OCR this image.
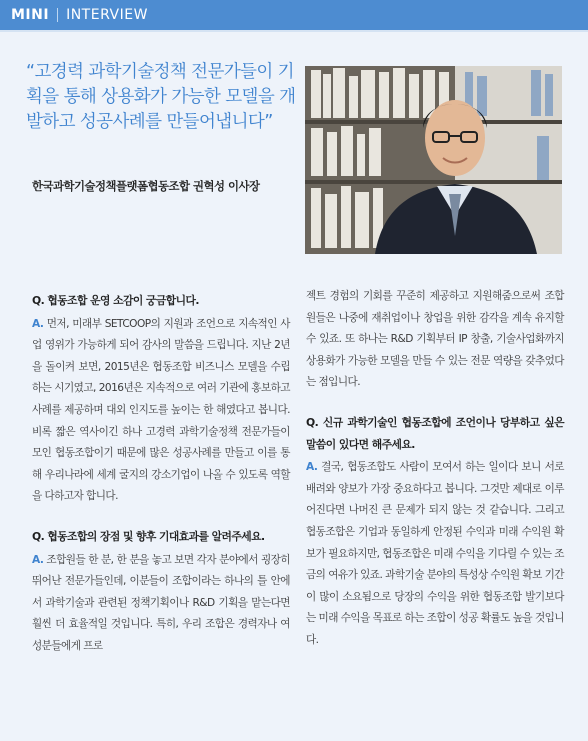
MINI INTERVIEW

“고경력 과학기술정책 전문가들이 기획을 통해 상용화가 가능한 모델을 개발하고 성공사례를 만들어냅니다”

한국과학기술정책플랫폼협동조합 권혁성 이사장

Q. 협동조합 운영 소감이 궁금합니다.

A. 먼저, 미래부 SETCOOP의 지원과 조언으로 지속적인 사업 영위가 가능하게 되어 감사의 말씀을 드립니다. 지난 2년을 돌이켜 보면, 2015년은 협동조합 비즈니스 모델을 수립하는 시기였고, 2016년은 지속적으로 여러 기관에 홍보하고 사례를 제공하며 대외 인지도를 높이는 한 해였다고 봅니다. 비록 짧은 역사이긴 하나 고경력 과학기술정책 전문가들이 모인 협동조합이기 때문에 많은 성공사례를 만들고 이를 통해 우리나라에 세계 굴지의 강소기업이 나올 수 있도록 역할을 다하고자 합니다.

Q. 협동조합의 장점 및 향후 기대효과를 알려주세요.

A. 조합원들 한 분, 한 분을 놓고 보면 각자 분야에서 굉장히 뛰어난 전문가들인데, 이분들이 조합이라는 하나의 틀 안에서 과학기술과 관련된 정책기획이나 R&D 기획을 맡는다면 훨씬 더 효율적일 것입니다. 특히, 우리 조합은 경력자나 여성분들에게 프로

젝트 경험의 기회를 꾸준히 제공하고 지원해줌으로써 조합원들은 나중에 재취업이나 창업을 위한 감각을 계속 유지할 수 있죠. 또 하나는 R&D 기획부터 IP 창출, 기술사업화까지 상용화가 가능한 모델을 만들 수 있는 전문 역량을 갖추었다는 점입니다.

Q. 신규 과학기술인 협동조합에 조언이나 당부하고 싶은 말씀이 있다면 해주세요.

A. 결국, 협동조합도 사람이 모여서 하는 일이다 보니 서로 배려와 양보가 가장 중요하다고 봅니다. 그것만 제대로 이루어진다면 나머진 큰 문제가 되지 않는 것 같습니다. 그리고 협동조합은 기업과 동일하게 안정된 수익과 미래 수익원 확보가 필요하지만, 협동조합은 미래 수익을 기다릴 수 있는 조금의 여유가 있죠. 과학기술 분야의 특성상 수익원 확보 기간이 많이 소요됨으로 당장의 수익을 위한 협동조합 발기보다는 미래 수익을 목표로 하는 조합이 성공 확률도 높을 것입니다.
